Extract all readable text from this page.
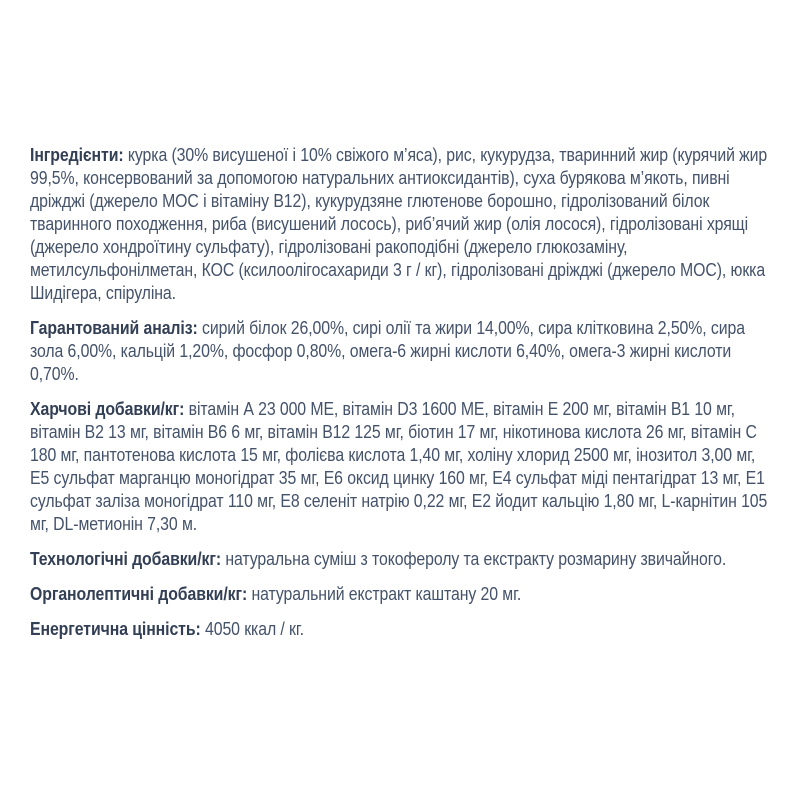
Інгредієнти: курка (30% висушеної і 10% свіжого м’яса), рис, кукурудза, тваринний жир (курячий жир 99,5%, консервований за допомогою натуральних антиоксидантів), суха бурякова м’якоть, пивні дріжджі (джерело МОС і вітаміну В12), кукурудзяне глютенове борошно, гідролізований білок тваринного походження, риба (висушений лосось), риб’ячий жир (олія лосося), гідролізовані хрящі (джерело хондроїтину сульфату), гідролізовані ракоподібні (джерело глюкозаміну, метилсульфонілметан, КОС (ксилоолігосахариди 3 г / кг), гідролізовані дріжджі (джерело МОС), юкка Шидігера, спіруліна.

Гарантований аналіз: сирий білок 26,00%, сирі олії та жири 14,00%, сира клітковина 2,50%, сира зола 6,00%, кальцій 1,20%, фосфор 0,80%, омега-6 жирні кислоти 6,40%, омега-3 жирні кислоти 0,70%.

Харчові добавки/кг: вітамін А 23 000 МЕ, вітамін D3 1600 МЕ, вітамін Е 200 мг, вітамін В1 10 мг, вітамін В2 13 мг, вітамін В6 6 мг, вітамін В12 125 мг, біотин 17 мг, нікотинова кислота 26 мг, вітамін С 180 мг, пантотенова кислота 15 мг, фолієва кислота 1,40 мг, холіну хлорид 2500 мг, інозитол 3,00 мг, Е5 сульфат марганцю моногідрат 35 мг, Е6 оксид цинку 160 мг, Е4 сульфат міді пентагідрат 13 мг, Е1 сульфат заліза моногідрат 110 мг, Е8 селеніт натрію 0,22 мг, Е2 йодит кальцію 1,80 мг, L-карнітин 105 мг, DL-метионін 7,30 м.

Технологічні добавки/кг: натуральна суміш з токоферолу та екстракту розмарину звичайного.

Органолептичні добавки/кг: натуральний екстракт каштану 20 мг.

Енергетична цінність: 4050 ккал / кг.
